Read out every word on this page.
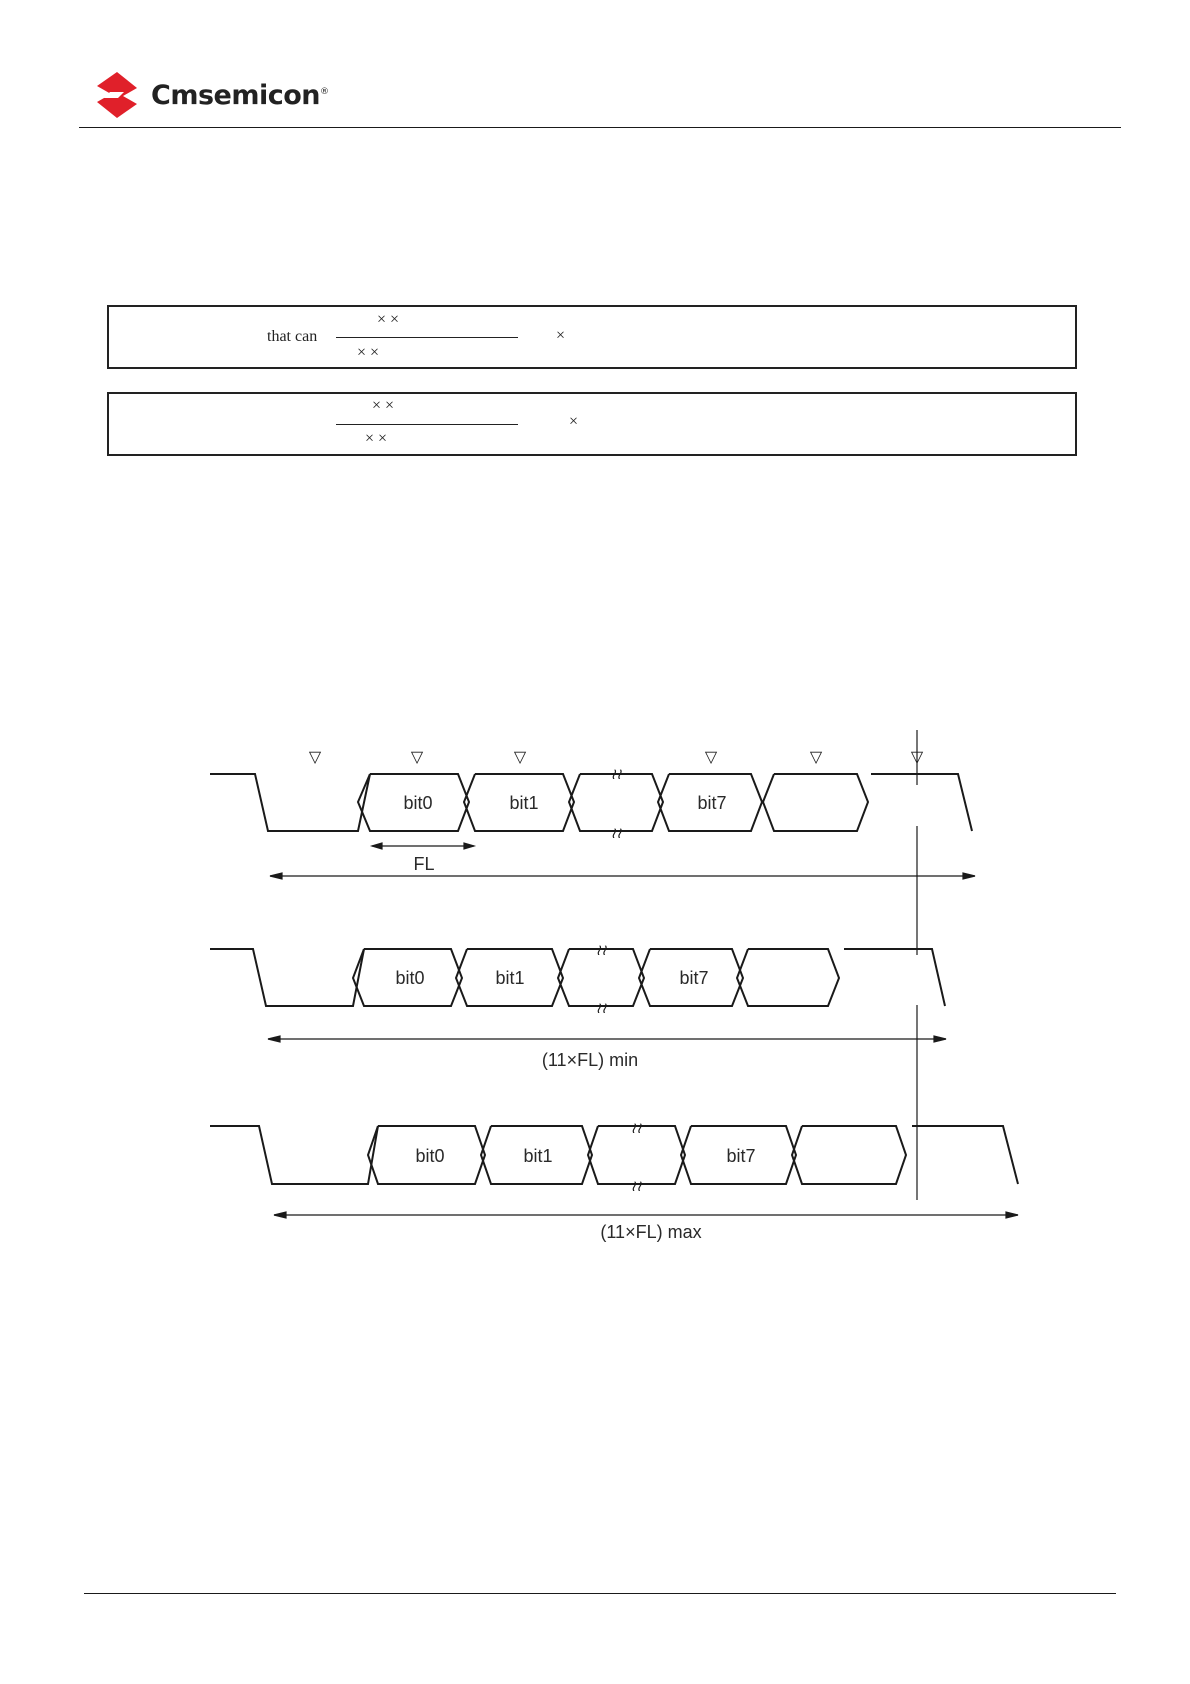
Cmsemicon®
that can
× ×
× ×
×
× ×
× ×
×
▽	▽	▽	▽	▽	▽
≀≀
≀≀
≀≀
≀≀
≀≀
≀≀
bit0	bit1	bit7
bit0	bit1	bit7
bit0	bit1	bit7
FL
(11×FL) min
(11×FL) max
